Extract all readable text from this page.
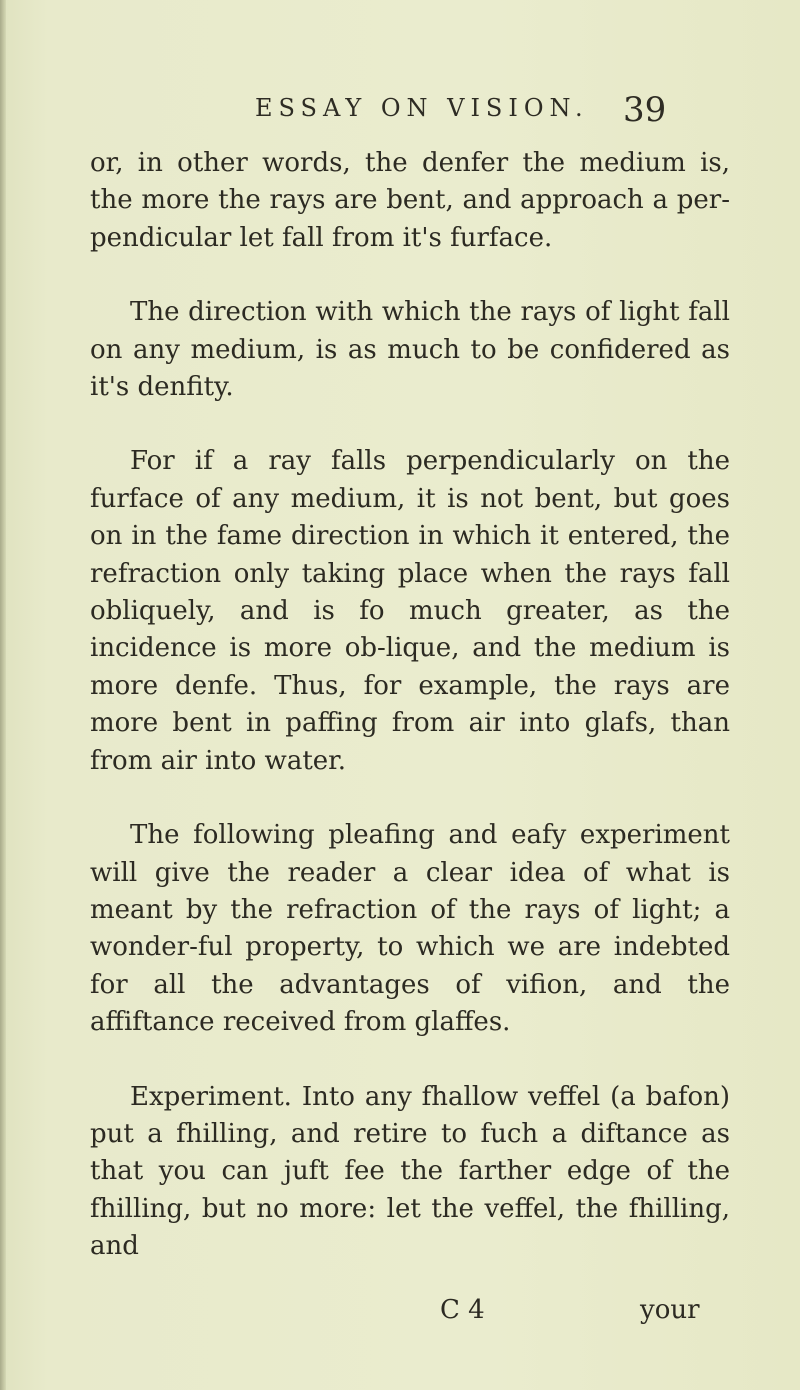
ESSAY ON VISION. 39

or, in other words, the denfer the medium is, the more the rays are bent, and approach a per-pendicular let fall from it's furface.

The direction with which the rays of light fall on any medium, is as much to be confidered as it's denfity.

For if a ray falls perpendicularly on the furface of any medium, it is not bent, but goes on in the fame direction in which it entered, the refraction only taking place when the rays fall obliquely, and is fo much greater, as the incidence is more ob-lique, and the medium is more denfe. Thus, for example, the rays are more bent in paffing from air into glafs, than from air into water.

The following pleafing and eafy experiment will give the reader a clear idea of what is meant by the refraction of the rays of light; a wonder-ful property, to which we are indebted for all the advantages of vifion, and the affiftance received from glaffes.

Experiment. Into any fhallow veffel (a bafon) put a fhilling, and retire to fuch a diftance as that you can juft fee the farther edge of the fhilling, but no more: let the veffel, the fhilling, and

C 4	your
